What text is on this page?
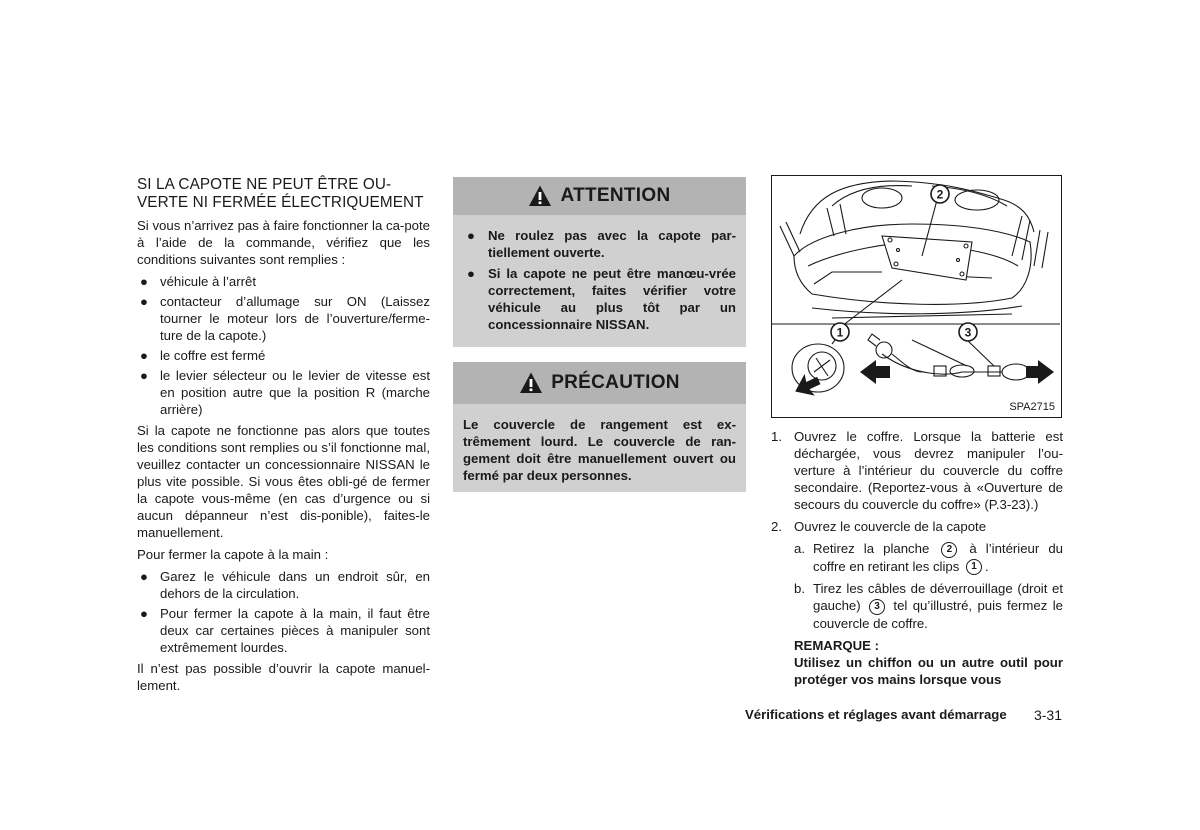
SI LA CAPOTE NE PEUT ÊTRE OU-VERTE NI FERMÉE ÉLECTRIQUEMENT

Si vous n’arrivez pas à faire fonctionner la ca-pote à l’aide de la commande, vérifiez que les conditions suivantes sont remplies :

● véhicule à l’arrêt
● contacteur d’allumage sur ON (Laissez tourner le moteur lors de l’ouverture/ferme-ture de la capote.)
● le coffre est fermé
● le levier sélecteur ou le levier de vitesse est en position autre que la position R (marche arrière)

Si la capote ne fonctionne pas alors que toutes les conditions sont remplies ou s’il fonctionne mal, veuillez contacter un concessionnaire NISSAN le plus vite possible. Si vous êtes obli-gé de fermer la capote vous-même (en cas d’urgence ou si aucun dépanneur n’est dis-ponible), faites-le manuellement.

Pour fermer la capote à la main :

● Garez le véhicule dans un endroit sûr, en dehors de la circulation.
● Pour fermer la capote à la main, il faut être deux car certaines pièces à manipuler sont extrêmement lourdes.

Il n’est pas possible d’ouvrir la capote manuel-lement.

ATTENTION
● Ne roulez pas avec la capote par-tiellement ouverte.
● Si la capote ne peut être manœu-vrée correctement, faites vérifier votre véhicule au plus tôt par un concessionnaire NISSAN.
PRÉCAUTION

Le couvercle de rangement est ex-trêmement lourd. Le couvercle de ran-gement doit être manuellement ouvert ou fermé par deux personnes.

2
1	3
SPA2715
1. Ouvrez le coffre. Lorsque la batterie est déchargée, vous devrez manipuler l’ou-verture à l’intérieur du couvercle du coffre secondaire. (Reportez-vous à «Ouverture de secours du couvercle du coffre» (P.3-23).)
2. Ouvrez le couvercle de la capote
a. Retirez la planche 2 à l’intérieur du coffre en retirant les clips 1 .
b. Tirez les câbles de déverrouillage (droit et gauche) 3 tel qu’illustré, puis fermez le couvercle de coffre.
REMARQUE :
Utilisez un chiffon ou un autre outil pour protéger vos mains lorsque vous
Vérifications et réglages avant démarrage 3-31
